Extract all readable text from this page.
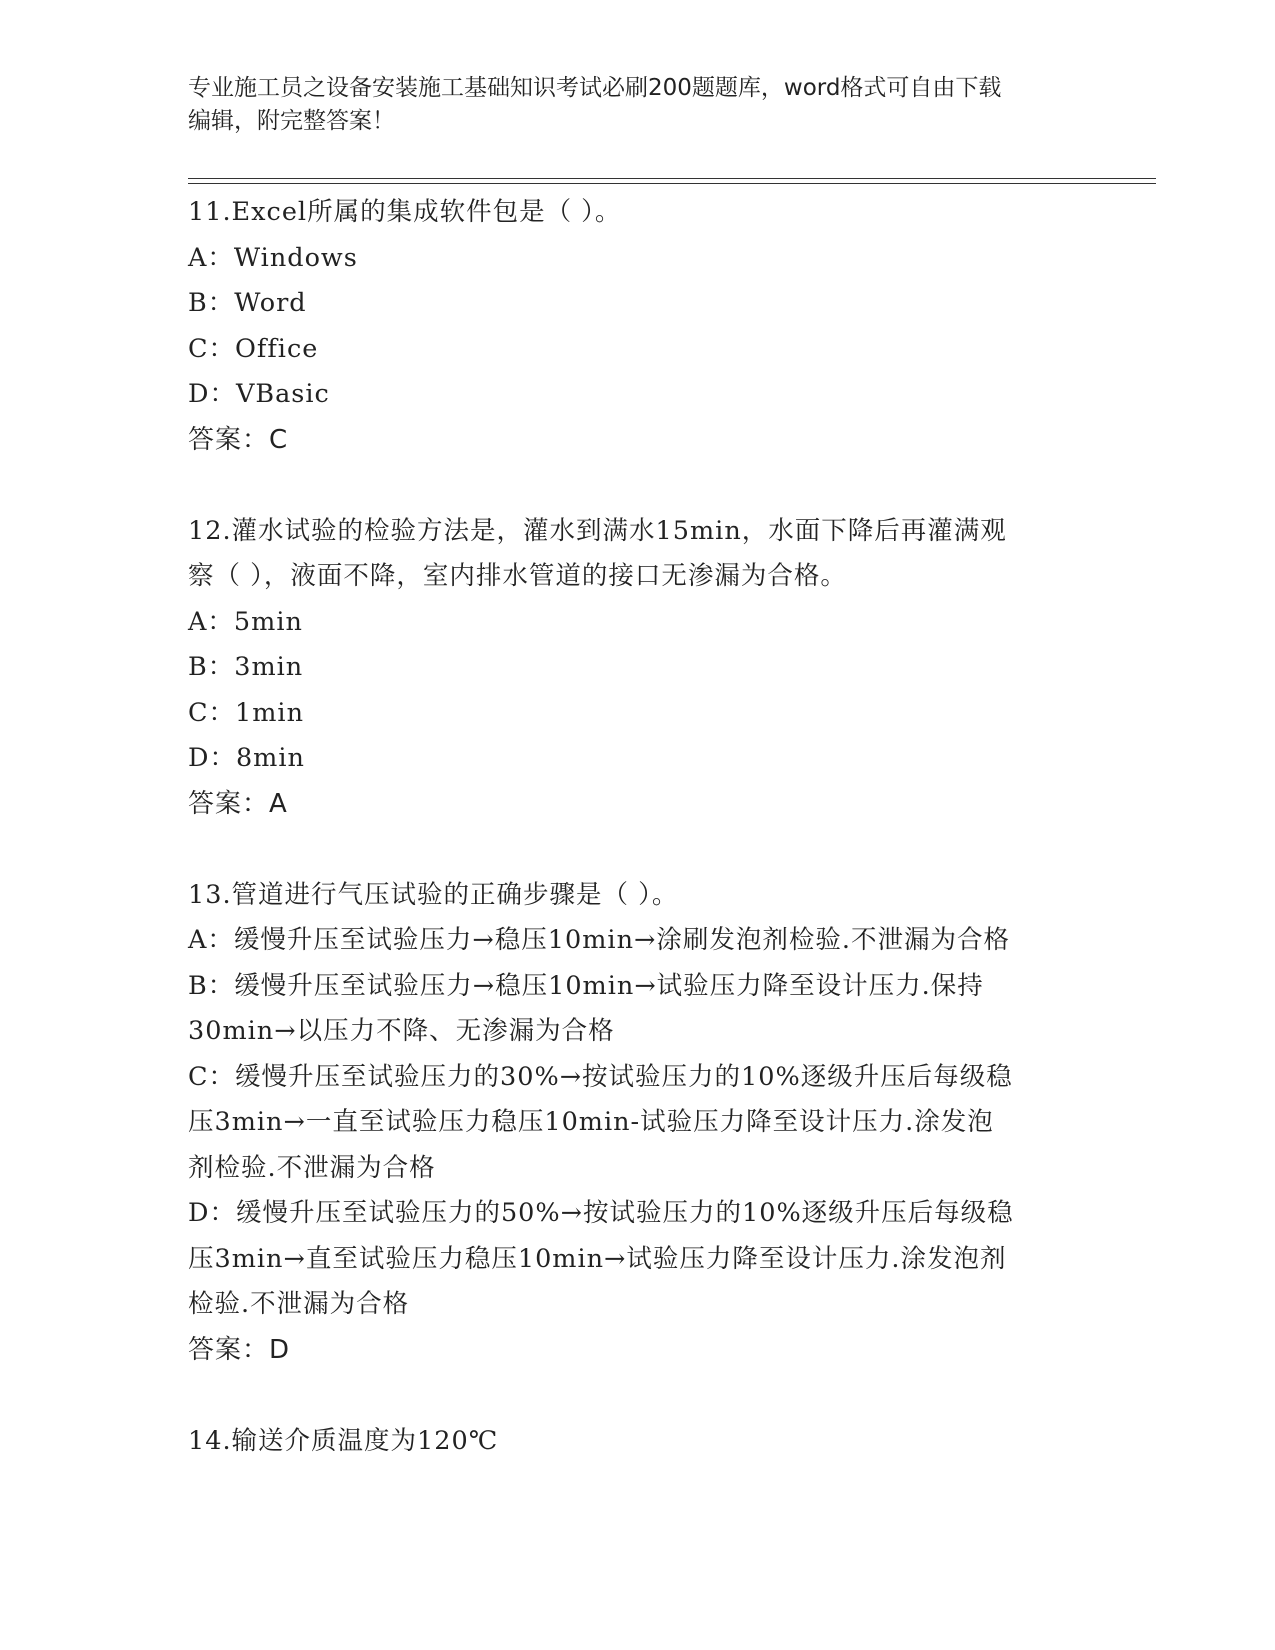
专业施工员之设备安装施工基础知识考试必刷200题题库，word格式可自由下载
编辑，附完整答案！
11.Excel所属的集成软件包是（ ）。
A：Windows
B：Word
C：Office
D：VBasic
答案：C
12.灌水试验的检验方法是，灌水到满水15min，水面下降后再灌满观
察（ ），液面不降，室内排水管道的接口无渗漏为合格。
A：5min
B：3min
C：1min
D：8min
答案：A
13.管道进行气压试验的正确步骤是（ ）。
A：缓慢升压至试验压力→稳压10min→涂刷发泡剂检验.不泄漏为合格
B：缓慢升压至试验压力→稳压10min→试验压力降至设计压力.保持
30min→以压力不降、无渗漏为合格
C：缓慢升压至试验压力的30%→按试验压力的10%逐级升压后每级稳
压3min→一直至试验压力稳压10min-试验压力降至设计压力.涂发泡
剂检验.不泄漏为合格
D：缓慢升压至试验压力的50%→按试验压力的10%逐级升压后每级稳
压3min→直至试验压力稳压10min→试验压力降至设计压力.涂发泡剂
检验.不泄漏为合格
答案：D
14.输送介质温度为120℃
